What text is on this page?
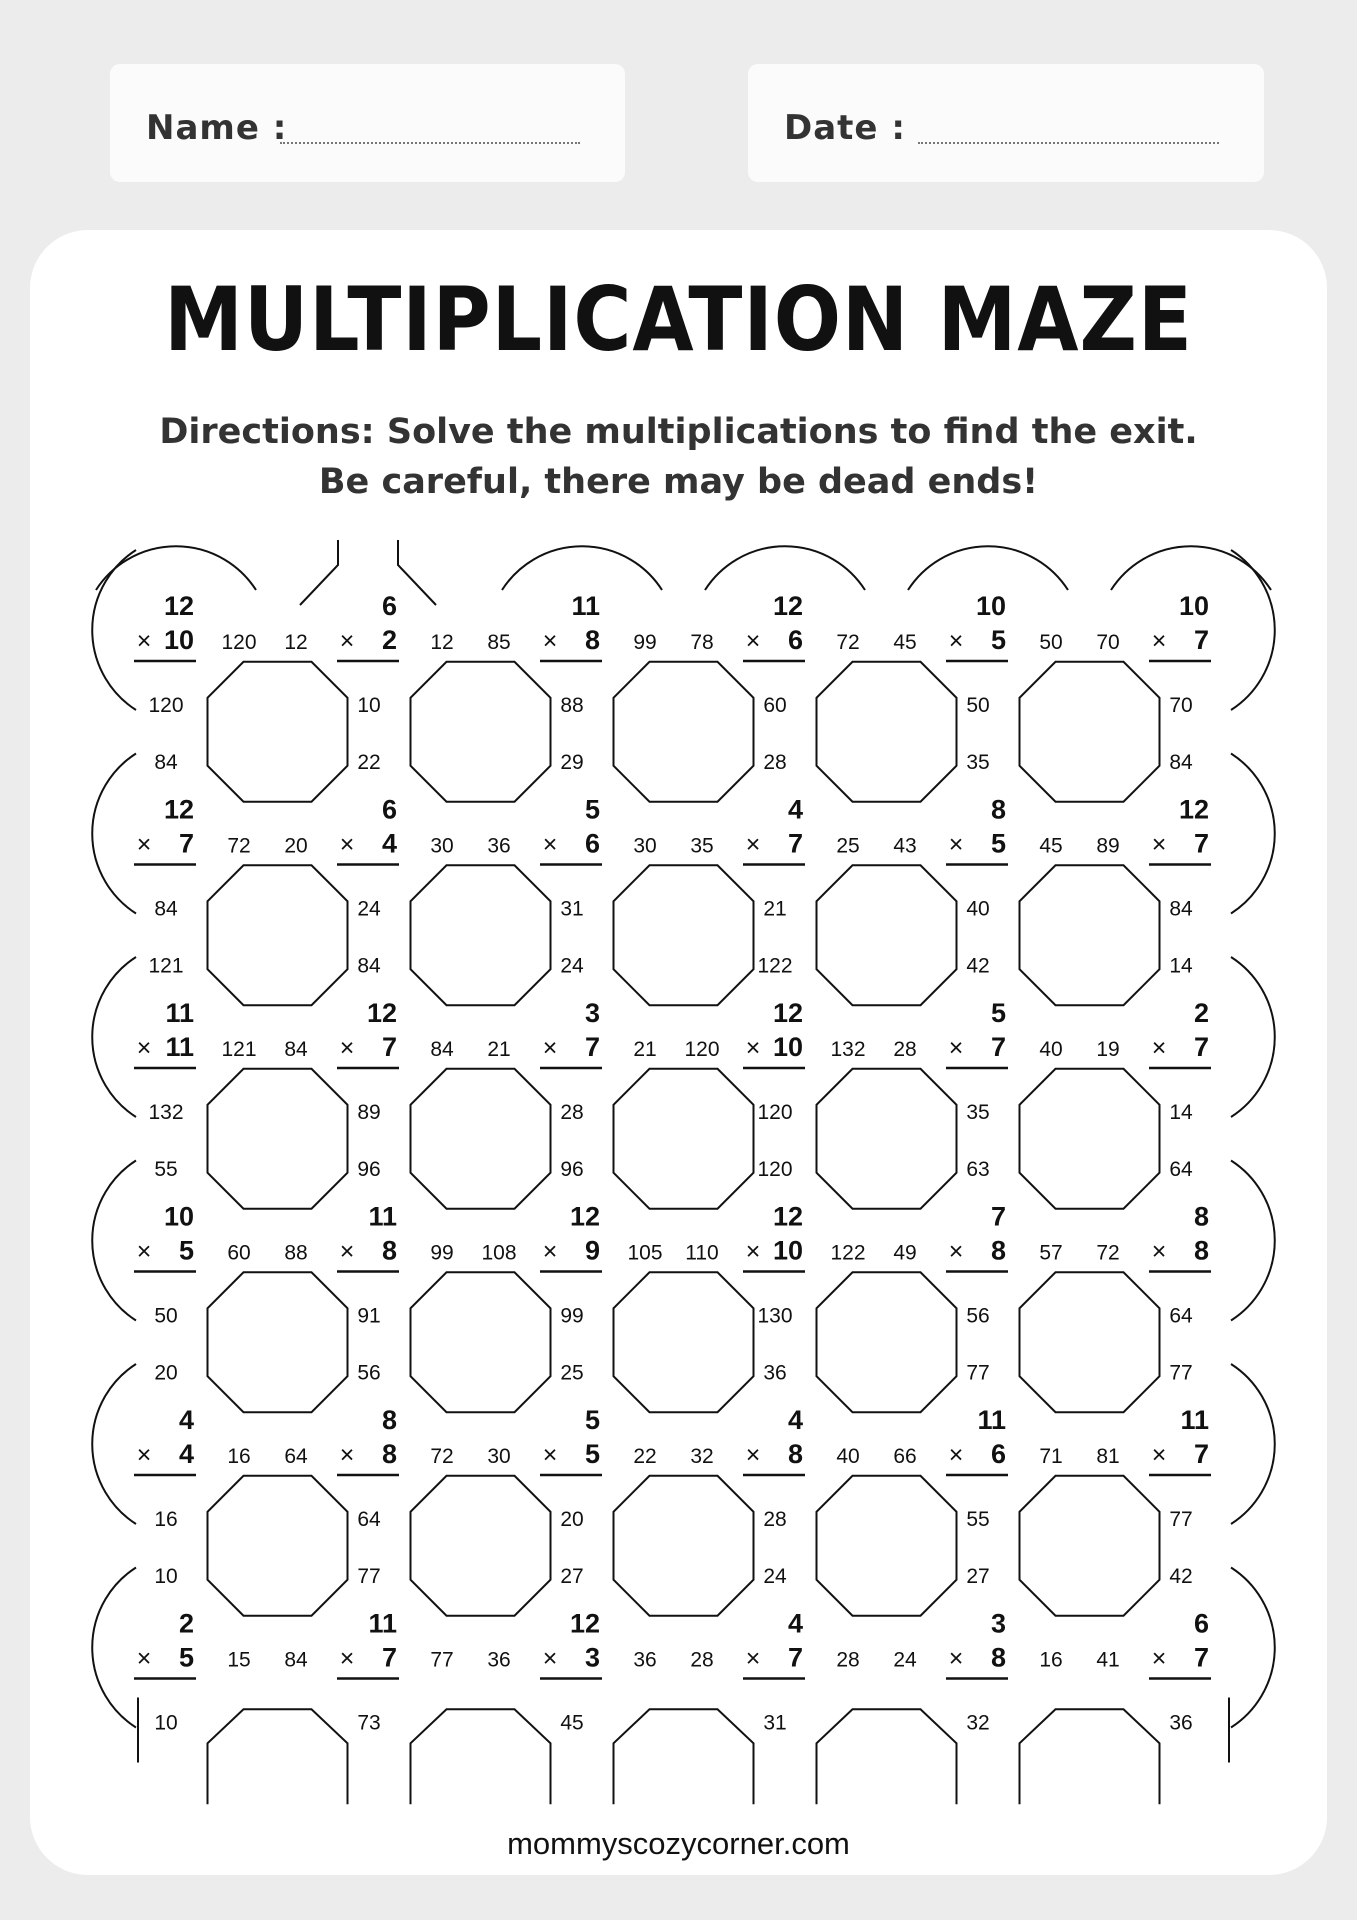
Name :	Date :
MULTIPLICATION MAZE
Directions: Solve the multiplications to find the exit. Be careful, there may be dead ends!
12
10
×	120 12
120
84
6
2
×	12 85
10
22
11
8
×	99 78
88
29
12
6
×	72 45
60
28
10
5
×	50 70
50
35
10
7
×
70
84
12
7
×	72 20
84
121
6
4
×	30 36
24
84
5
6
×	30 35
31
24
4
7
×	25 43
21
122
8
5
×	45 89
40
42
12
7
×
84
14
11
11
×	121 84
132
55
12
7
×	84 21
89
96
3
7
×	21 120
28
96
12
10
×	132 28
120
120
5
7
×	40 19
35
63
2
7
×
14
64
10
5
×	60 88
50
20
11
8
×	99 108
91
56
12
9
×	105 110
99
25
12
10
×	122 49
130
36
7
8
×	57 72
56
77
8
8
×
64
77
4
4
×	16 64
16
10
8
8
×	72 30
64
77
5
5
×	22 32
20
27
4
8
×	40 66
28
24
11
6
×	71 81
55
27
11
7
×
77
42
2
5
×	15 84
10
11
7
×	77 36
73
12
3
×	36 28
45
4
7
×	28 24
31
3
8
×	16 41
32
6
7
×
36
mommyscozycorner.com
